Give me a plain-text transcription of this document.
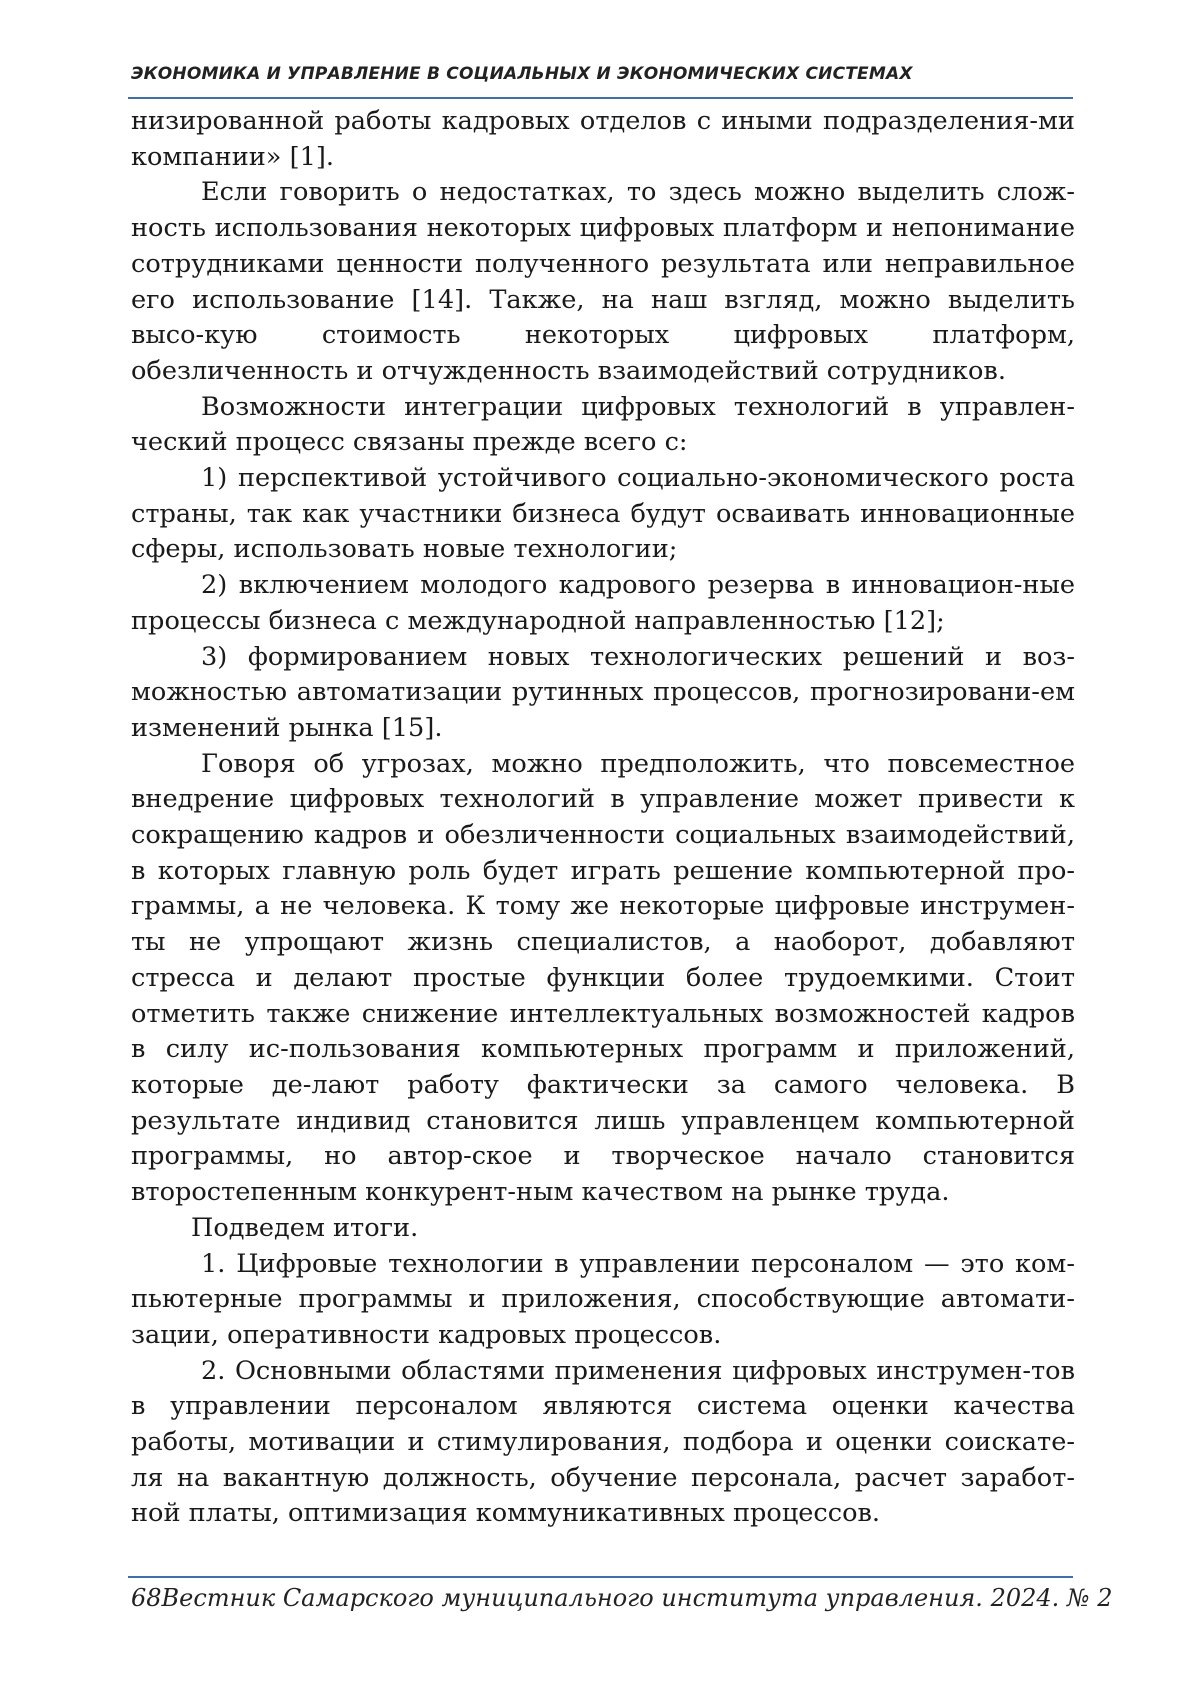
ЭКОНОМИКА И УПРАВЛЕНИЕ В СОЦИАЛЬНЫХ И ЭКОНОМИЧЕСКИХ СИСТЕМАХ

низированной работы кадровых отделов с иными подразделения-ми компании» [1].

Если говорить о недостатках, то здесь можно выделить слож-ность использования некоторых цифровых платформ и непонимание сотрудниками ценности полученного результата или неправильное его использование [14]. Также, на наш взгляд, можно выделить высо-кую стоимость некоторых цифровых платформ, обезличенность и отчужденность взаимодействий сотрудников.

Возможности интеграции цифровых технологий в управлен-ческий процесс связаны прежде всего с:

1) перспективой устойчивого социально-экономического роста страны, так как участники бизнеса будут осваивать инновационные сферы, использовать новые технологии;

2) включением молодого кадрового резерва в инновацион-ные процессы бизнеса с международной направленностью [12];

3) формированием новых технологических решений и воз-можностью автоматизации рутинных процессов, прогнозировани-ем изменений рынка [15].

Говоря об угрозах, можно предположить, что повсеместное внедрение цифровых технологий в управление может привести к сокращению кадров и обезличенности социальных взаимодействий, в которых главную роль будет играть решение компьютерной про-граммы, а не человека. К тому же некоторые цифровые инструмен-ты не упрощают жизнь специалистов, а наоборот, добавляют стресса и делают простые функции более трудоемкими. Стоит отметить также снижение интеллектуальных возможностей кадров в силу ис-пользования компьютерных программ и приложений, которые де-лают работу фактически за самого человека. В результате индивид становится лишь управленцем компьютерной программы, но автор-ское и творческое начало становится второстепенным конкурент-ным качеством на рынке труда.

Подведем итоги.

1. Цифровые технологии в управлении персоналом — это ком-пьютерные программы и приложения, способствующие автомати-зации, оперативности кадровых процессов.

2. Основными областями применения цифровых инструмен-тов в управлении персоналом являются система оценки качества работы, мотивации и стимулирования, подбора и оценки соискате-ля на вакантную должность, обучение персонала, расчет заработ-ной платы, оптимизация коммуникативных процессов.

68 Вестник Самарского муниципального института управления. 2024. № 2
